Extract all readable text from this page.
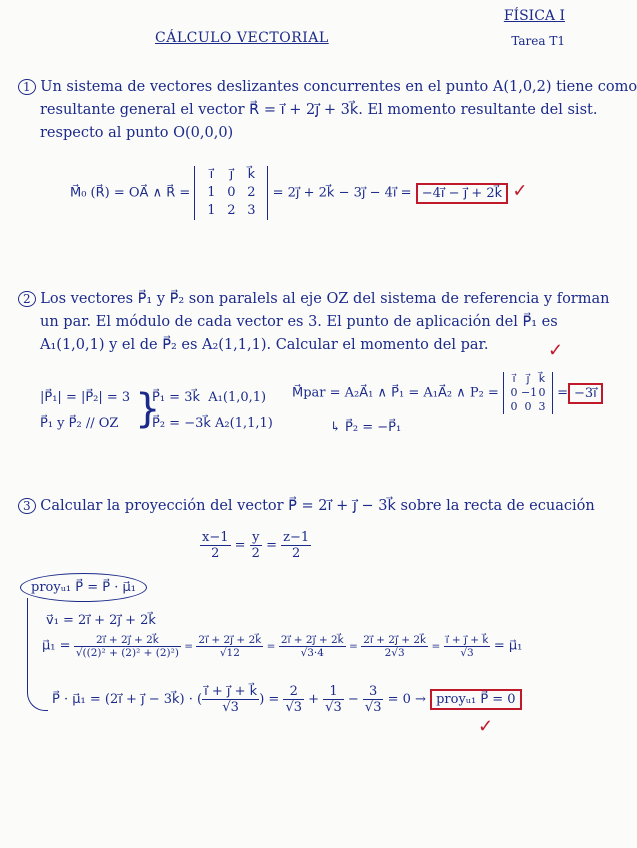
FÍSICA I
Tarea T1
CÁLCULO VECTORIAL
1 Un sistema de vectores deslizantes concurrentes en el punto A(1,0,2) tiene como
resultante general el vector R⃗ = i⃗ + 2j⃗ + 3k⃗. El momento resultante del sist.
respecto al punto O(0,0,0)
M⃗₀ (R⃗) = OA⃗ ∧ R⃗ =
i⃗ j⃗ k⃗
1 0 2
1 2 3
= 2j⃗ + 2k⃗ − 3j⃗ − 4i⃗ = −4i⃗ − j⃗ + 2k⃗ ✓
2 Los vectores P⃗₁ y P⃗₂ son paralels al eje OZ del sistema de referencia y forman
un par. El módulo de cada vector es 3. El punto de aplicación del P⃗₁ es
A₁(1,0,1) y el de P⃗₂ es A₂(1,1,1). Calcular el momento del par.	✓
|P⃗₁| = |P⃗₂| = 3
P⃗₁ y P⃗₂ // OZ }
P⃗₁ = 3k⃗ A₁(1,0,1)
P⃗₂ = −3k⃗ A₂(1,1,1)
M⃗par = A₂A⃗₁ ∧ P⃗₁ = A₁A⃗₂ ∧ P₂ =
i⃗ j⃗ k⃗
0 −10
0 0 3
= −3i⃗
↳ P⃗₂ = −P⃗₁
3 Calcular la proyección del vector P⃗ = 2i⃗ + j⃗ − 3k⃗ sobre la recta de ecuación
$\frac{x-1}{2} = \frac{y}{2} = \frac{z-1}{2}$
proyᵤ₁ P⃗ = P⃗ · μ⃗₁
v⃗₁ = 2i⃗ + 2j⃗ + 2k⃗
μ⃗₁ = $\frac{2i⃗ + 2j⃗ + 2k⃗}{\text{√((2)² + (2)² + (2)²)}} = \frac{2i⃗ + 2j⃗ + 2k⃗}{√12} = \frac{2i⃗ + 2j⃗ + 2k⃗}{√3\cdot 4} = \frac{2i⃗ + 2j⃗ + 2k⃗}{2√3} = \frac{i⃗ + j⃗ + k⃗}{√3}$ = μ⃗₁
P⃗ · μ⃗₁ = (2i⃗ + j⃗ − 3k⃗) · ( $\frac{i⃗ + j⃗ + k⃗}{√3}$ ) = $\frac{2}{√3} + \frac{1}{√3} - \frac{3}{√3} = 0$ → proyᵤ₁ P⃗ = 0
✓
